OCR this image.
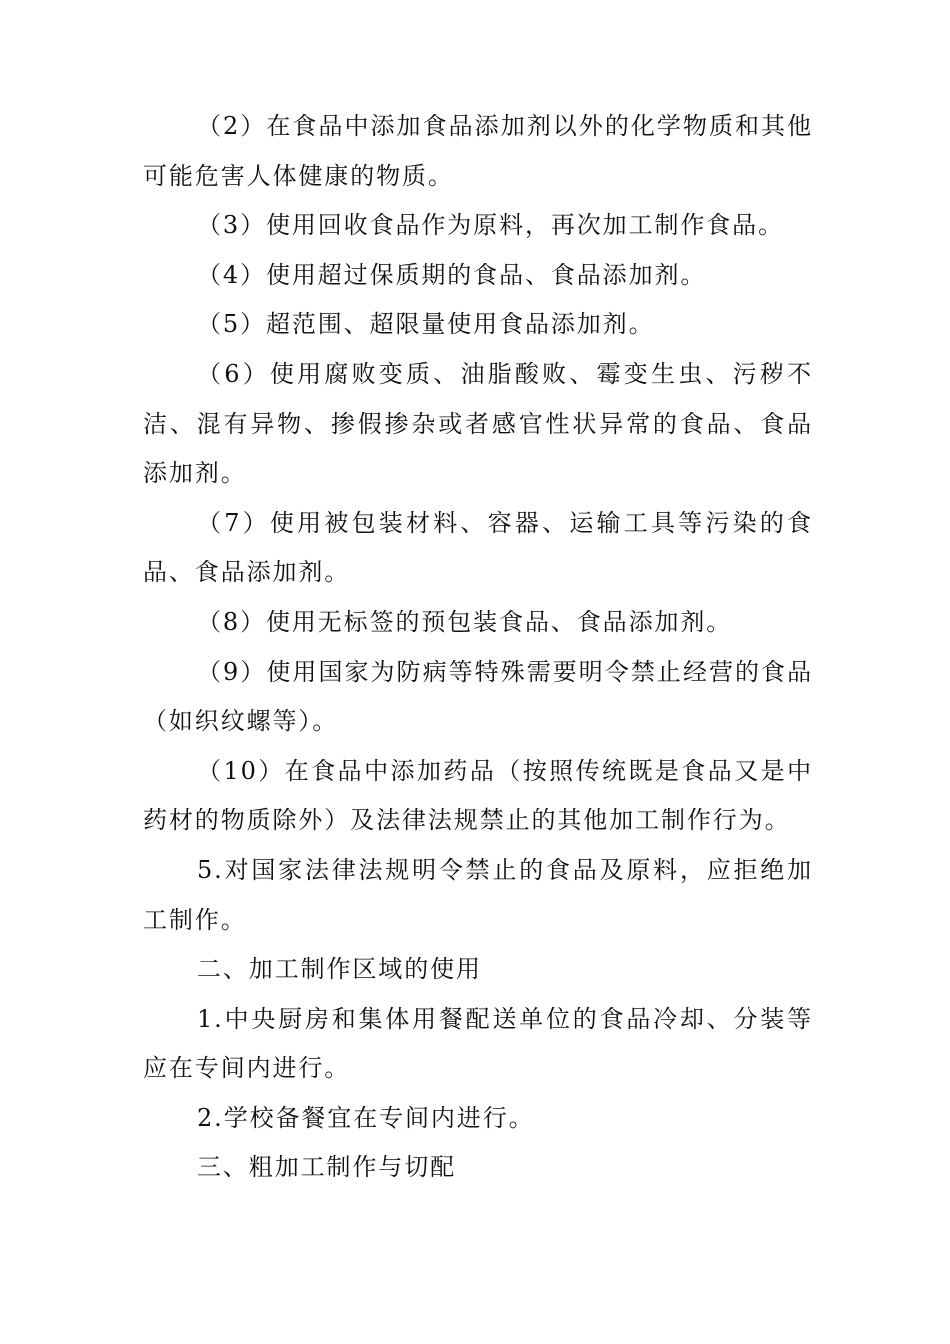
（2）在食品中添加食品添加剂以外的化学物质和其他可能危害人体健康的物质。

（3）使用回收食品作为原料，再次加工制作食品。

（4）使用超过保质期的食品、食品添加剂。

（5）超范围、超限量使用食品添加剂。

（6）使用腐败变质、油脂酸败、霉变生虫、污秽不洁、混有异物、掺假掺杂或者感官性状异常的食品、食品添加剂。

（7）使用被包装材料、容器、运输工具等污染的食品、食品添加剂。

（8）使用无标签的预包装食品、食品添加剂。

（9）使用国家为防病等特殊需要明令禁止经营的食品（如织纹螺等）。

（10）在食品中添加药品（按照传统既是食品又是中药材的物质除外）及法律法规禁止的其他加工制作行为。

5.对国家法律法规明令禁止的食品及原料，应拒绝加工制作。

二、加工制作区域的使用

1.中央厨房和集体用餐配送单位的食品冷却、分装等应在专间内进行。

2.学校备餐宜在专间内进行。

三、粗加工制作与切配
